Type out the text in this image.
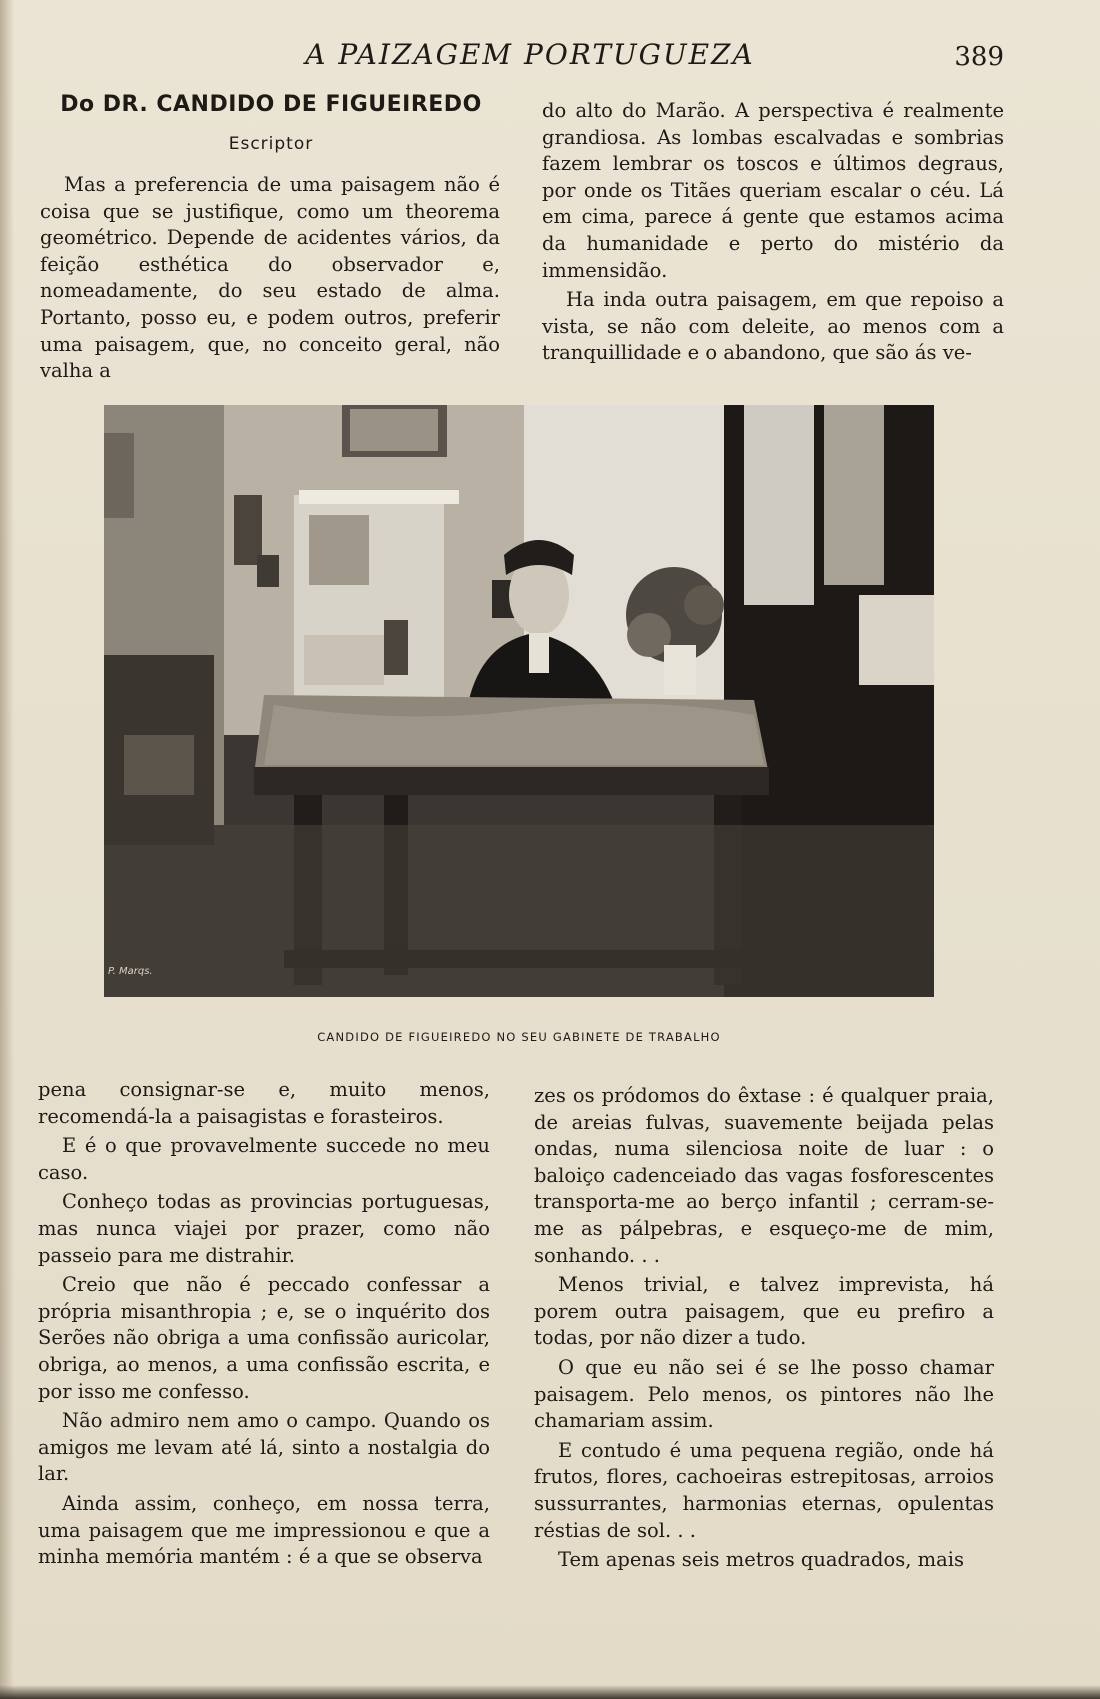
A PAIZAGEM PORTUGUEZA	389
Do DR. CANDIDO DE FIGUEIREDO
Escriptor

Mas a preferencia de uma paisagem não é coisa que se justifique, como um theorema geométrico. Depende de acidentes vários, da feição esthética do observador e, nomeadamente, do seu estado de alma. Portanto, posso eu, e podem outros, preferir uma paisagem, que, no conceito geral, não valha a

do alto do Marão. A perspectiva é realmente grandiosa. As lombas escalvadas e sombrias fazem lembrar os toscos e últimos degraus, por onde os Titães queriam escalar o céu. Lá em cima, parece á gente que estamos acima da humanidade e perto do mistério da immensidão.

Ha inda outra paisagem, em que repoiso a vista, se não com deleite, ao menos com a tranquillidade e o abandono, que são ás ve-

P. Marqs.
CANDIDO DE FIGUEIREDO NO SEU GABINETE DE TRABALHO

pena consignar-se e, muito menos, recomendá-la a paisagistas e forasteiros.

E é o que provavelmente succede no meu caso.

Conheço todas as provincias portuguesas, mas nunca viajei por prazer, como não passeio para me distrahir.

Creio que não é peccado confessar a própria misanthropia ; e, se o inquérito dos Serões não obriga a uma confissão auricolar, obriga, ao menos, a uma confissão escrita, e por isso me confesso.

Não admiro nem amo o campo. Quando os amigos me levam até lá, sinto a nostalgia do lar.

Ainda assim, conheço, em nossa terra, uma paisagem que me impressionou e que a minha memória mantém : é a que se observa

zes os pródomos do êxtase : é qualquer praia, de areias fulvas, suavemente beijada pelas ondas, numa silenciosa noite de luar : o baloiço cadenceiado das vagas fosforescentes transporta-me ao berço infantil ; cerram-se-me as pálpebras, e esqueço-me de mim, sonhando. . .

Menos trivial, e talvez imprevista, há porem outra paisagem, que eu prefiro a todas, por não dizer a tudo.

O que eu não sei é se lhe posso chamar paisagem. Pelo menos, os pintores não lhe chamariam assim.

E contudo é uma pequena região, onde há frutos, flores, cachoeiras estrepitosas, arroios sussurrantes, harmonias eternas, opulentas réstias de sol. . .

Tem apenas seis metros quadrados, mais
